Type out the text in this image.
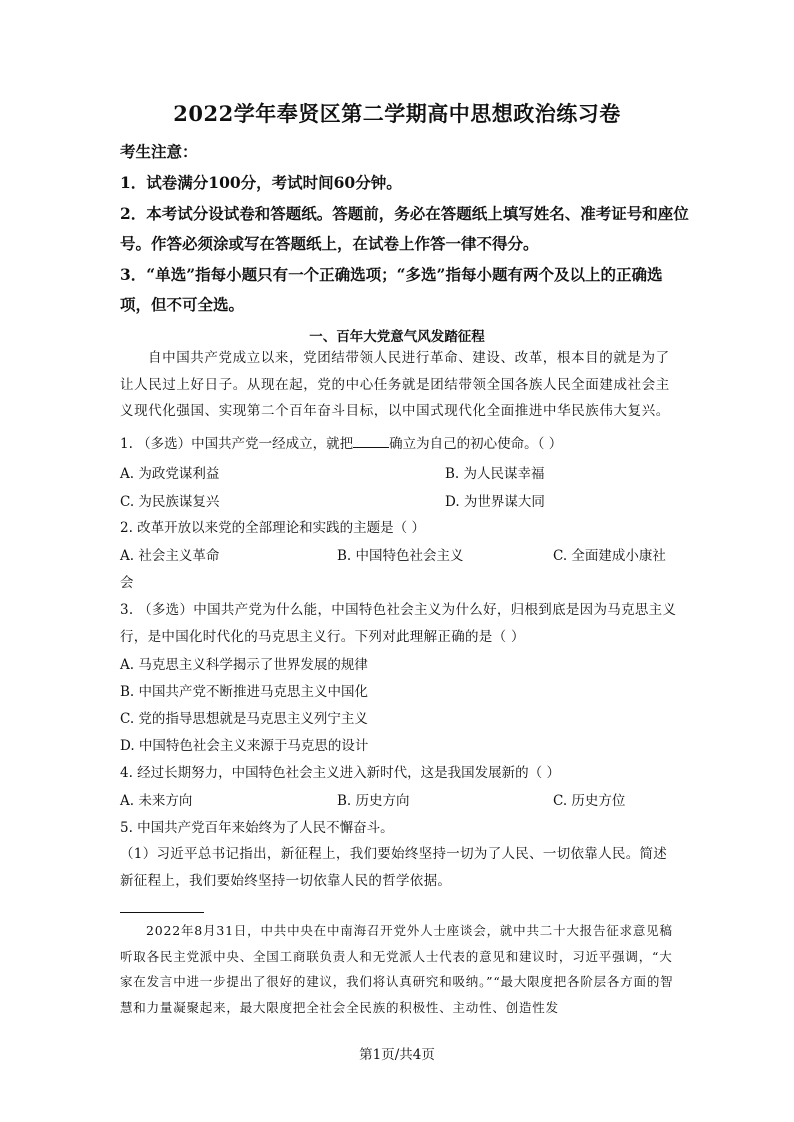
2022学年奉贤区第二学期高中思想政治练习卷
考生注意：
1．试卷满分100分，考试时间60分钟。
2．本考试分设试卷和答题纸。答题前，务必在答题纸上填写姓名、准考证号和座位号。作答必须涂或写在答题纸上，在试卷上作答一律不得分。
3．“单选”指每小题只有一个正确选项；“多选”指每小题有两个及以上的正确选项，但不可全选。
一、百年大党意气风发踏征程
自中国共产党成立以来，党团结带领人民进行革命、建设、改革，根本目的就是为了让人民过上好日子。从现在起，党的中心任务就是团结带领全国各族人民全面建成社会主义现代化强国、实现第二个百年奋斗目标，以中国式现代化全面推进中华民族伟大复兴。
1. （多选）中国共产党一经成立，就把	确立为自己的初心使命。（ ）
A. 为政党谋利益	B. 为人民谋幸福
C. 为民族谋复兴	D. 为世界谋大同
2. 改革开放以来党的全部理论和实践的主题是（ ）
A. 社会主义革命	B. 中国特色社会主义	C. 全面建成小康社
会
3. （多选）中国共产党为什么能，中国特色社会主义为什么好，归根到底是因为马克思主义行，是中国化时代化的马克思主义行。下列对此理解正确的是（ ）
A. 马克思主义科学揭示了世界发展的规律
B. 中国共产党不断推进马克思主义中国化
C. 党的指导思想就是马克思主义列宁主义
D. 中国特色社会主义来源于马克思的设计
4. 经过长期努力，中国特色社会主义进入新时代，这是我国发展新的（ ）
A. 未来方向	B. 历史方向	C. 历史方位
5. 中国共产党百年来始终为了人民不懈奋斗。
（1）习近平总书记指出，新征程上，我们要始终坚持一切为了人民、一切依靠人民。简述新征程上，我们要始终坚持一切依靠人民的哲学依据。
2022年8月31日，中共中央在中南海召开党外人士座谈会，就中共二十大报告征求意见稿听取各民主党派中央、全国工商联负责人和无党派人士代表的意见和建议时，习近平强调，“大家在发言中进一步提出了很好的建议，我们将认真研究和吸纳。”“最大限度把各阶层各方面的智慧和力量凝聚起来，最大限度把全社会全民族的积极性、主动性、创造性发
第1页/共4页
